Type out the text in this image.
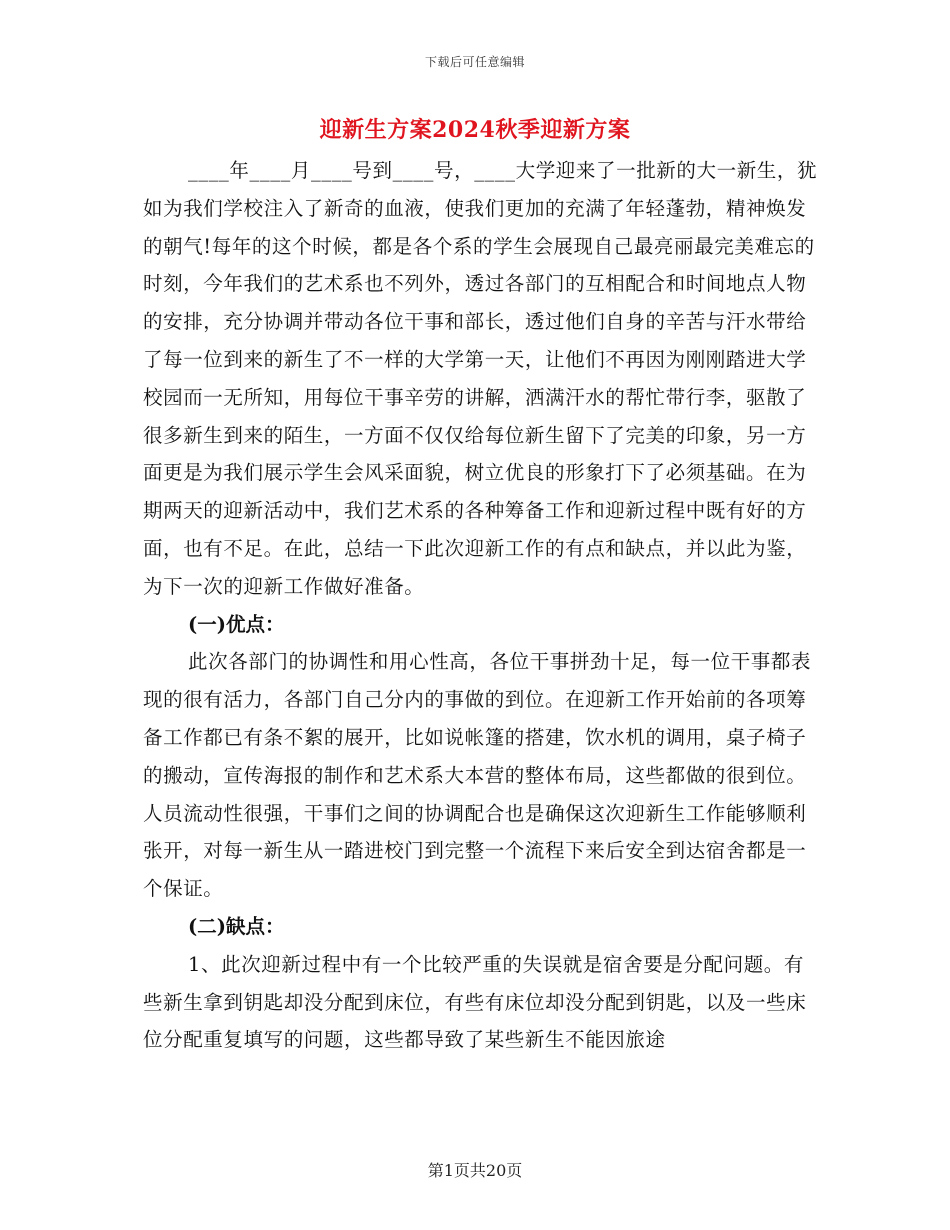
下载后可任意编辑
迎新生方案2024秋季迎新方案

____年____月____号到____号，____大学迎来了一批新的大一新生，犹如为我们学校注入了新奇的血液，使我们更加的充满了年轻蓬勃，精神焕发的朝气!每年的这个时候，都是各个系的学生会展现自己最亮丽最完美难忘的时刻，今年我们的艺术系也不列外，透过各部门的互相配合和时间地点人物的安排，充分协调并带动各位干事和部长，透过他们自身的辛苦与汗水带给了每一位到来的新生了不一样的大学第一天，让他们不再因为刚刚踏进大学校园而一无所知，用每位干事辛劳的讲解，洒满汗水的帮忙带行李，驱散了很多新生到来的陌生，一方面不仅仅给每位新生留下了完美的印象，另一方面更是为我们展示学生会风采面貌，树立优良的形象打下了必须基础。在为期两天的迎新活动中，我们艺术系的各种筹备工作和迎新过程中既有好的方面，也有不足。在此，总结一下此次迎新工作的有点和缺点，并以此为鉴，为下一次的迎新工作做好准备。

(一)优点：

此次各部门的协调性和用心性高，各位干事拼劲十足，每一位干事都表现的很有活力，各部门自己分内的事做的到位。在迎新工作开始前的各项筹备工作都已有条不絮的展开，比如说帐篷的搭建，饮水机的调用，桌子椅子的搬动，宣传海报的制作和艺术系大本营的整体布局，这些都做的很到位。人员流动性很强，干事们之间的协调配合也是确保这次迎新生工作能够顺利张开，对每一新生从一踏进校门到完整一个流程下来后安全到达宿舍都是一个保证。

(二)缺点：

1、此次迎新过程中有一个比较严重的失误就是宿舍要是分配问题。有些新生拿到钥匙却没分配到床位，有些有床位却没分配到钥匙，以及一些床位分配重复填写的问题，这些都导致了某些新生不能因旅途

第1页共20页
